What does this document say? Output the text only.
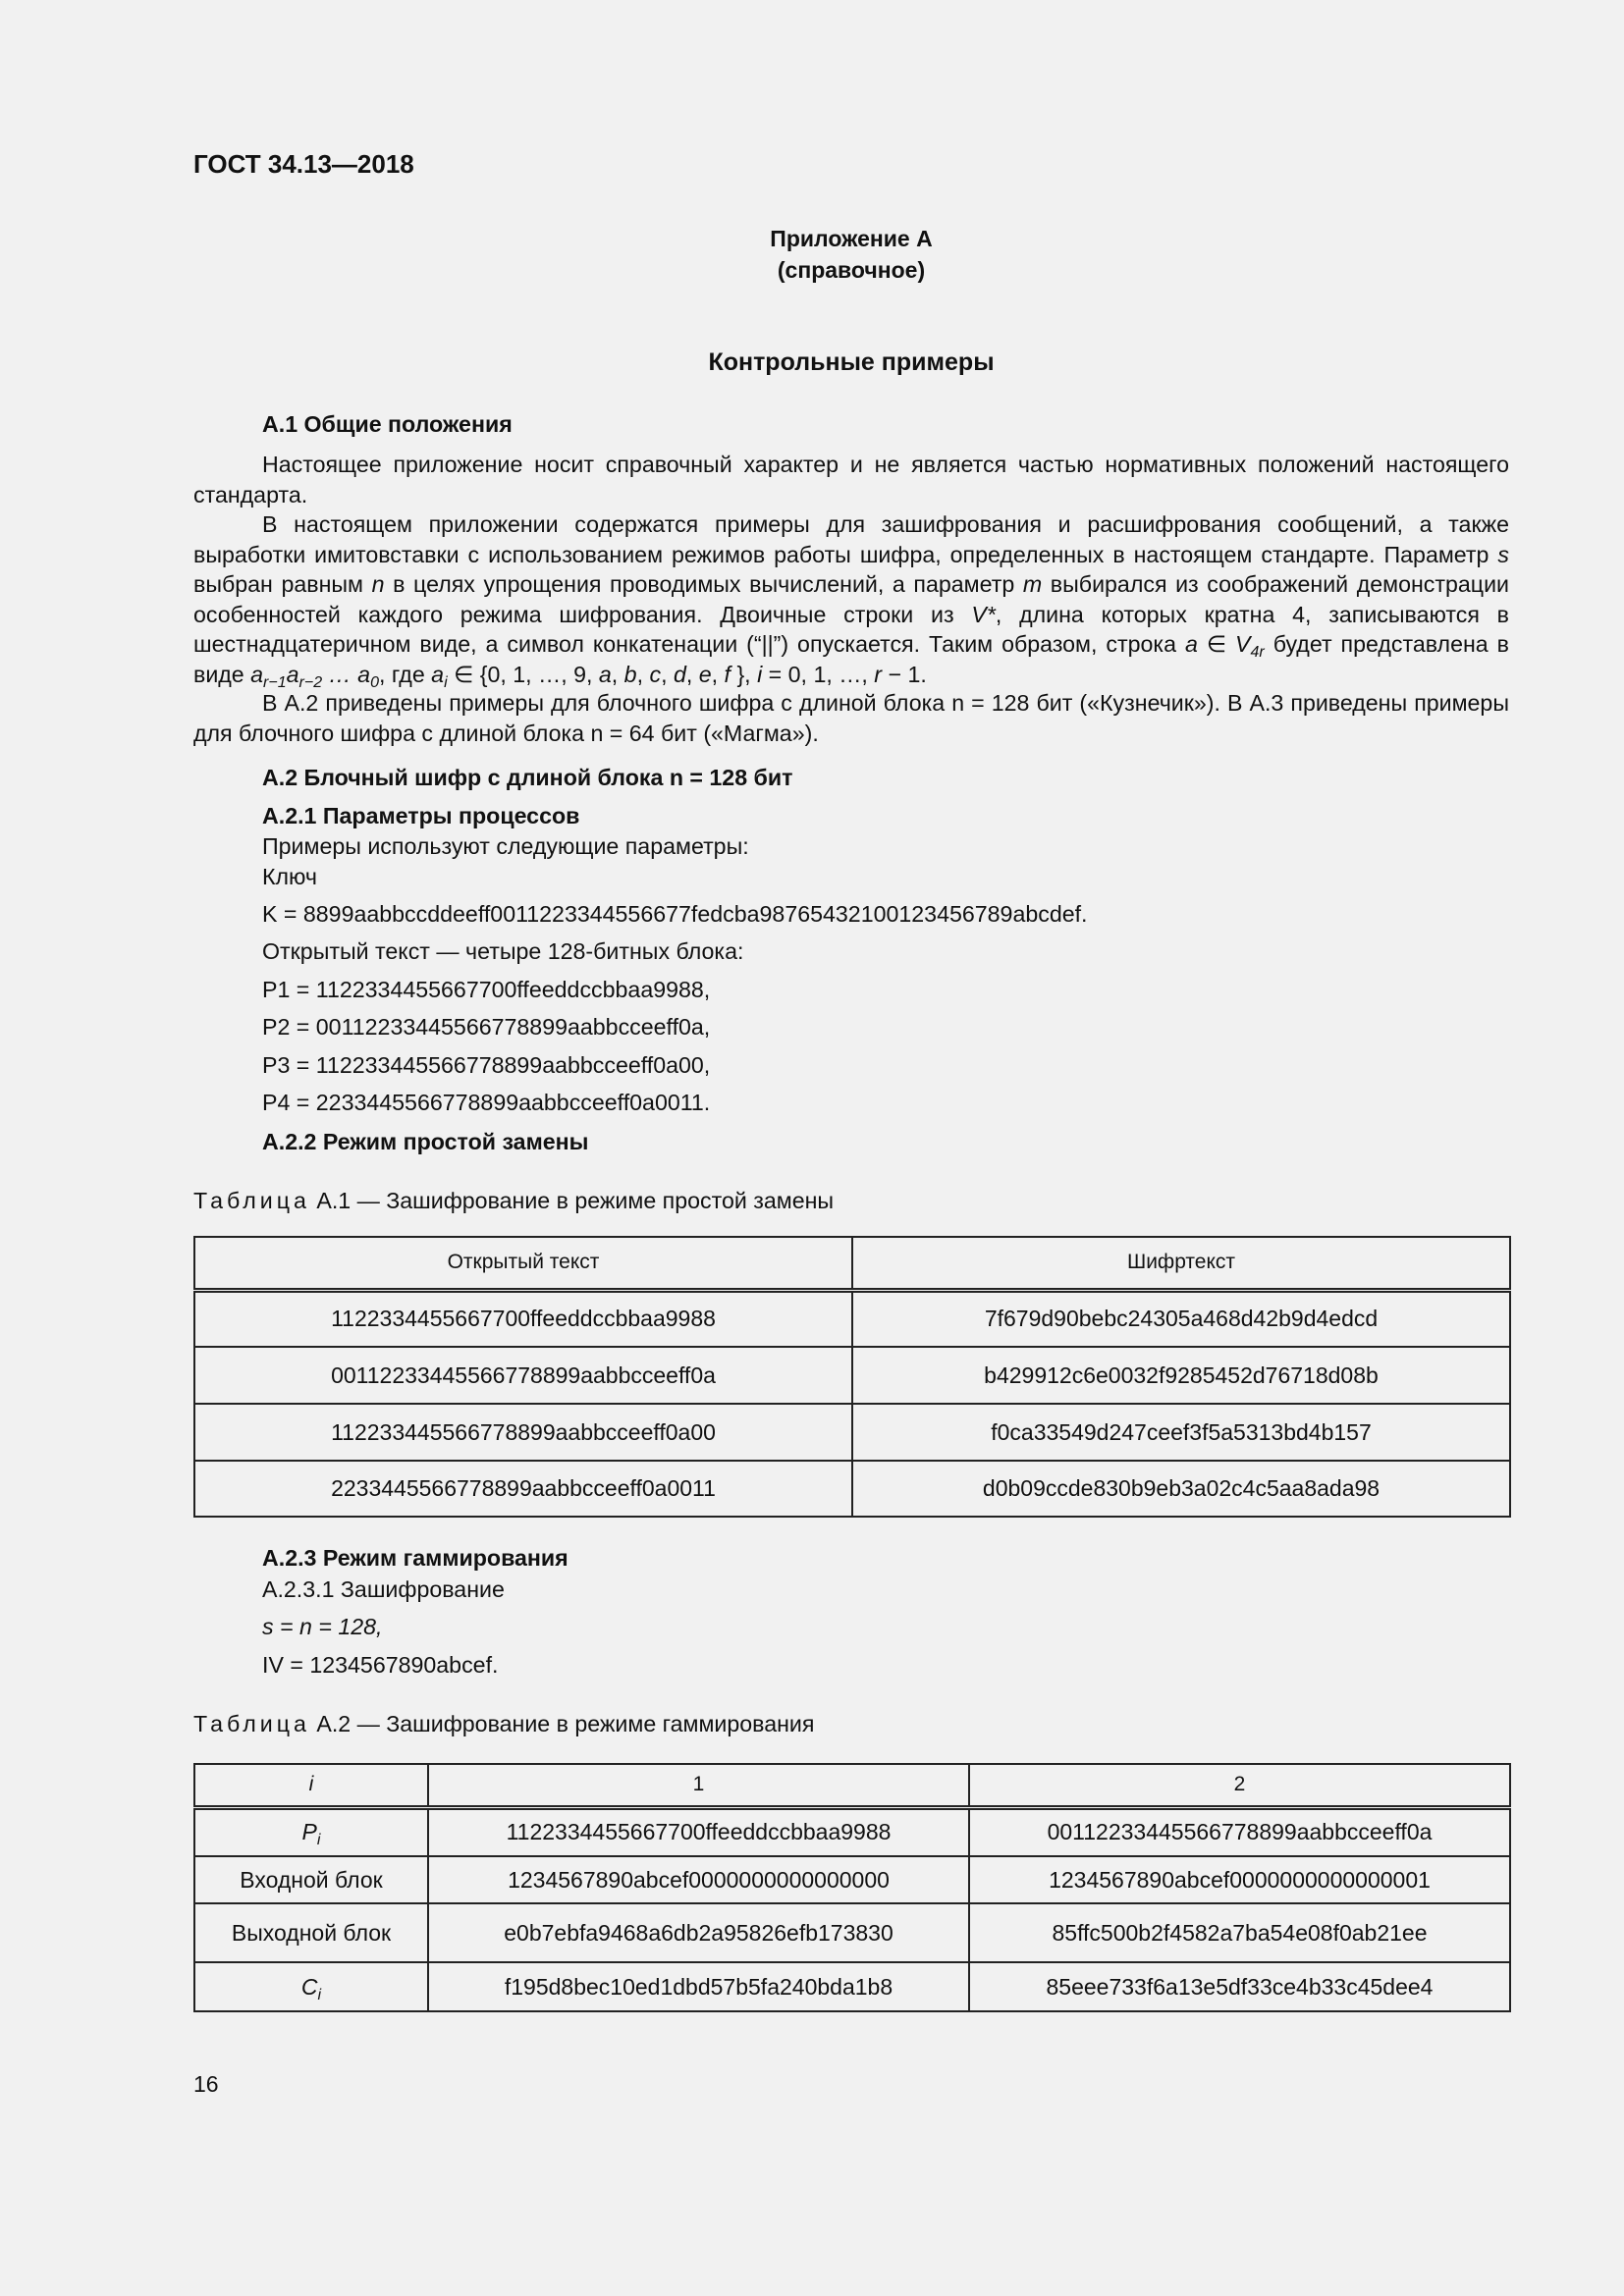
ГОСТ 34.13—2018
Приложение А
(справочное)
Контрольные примеры
А.1 Общие положения
Настоящее приложение носит справочный характер и не является частью нормативных положений настоящего стандарта.
В настоящем приложении содержатся примеры для зашифрования и расшифрования сообщений, а также выработки имитовставки с использованием режимов работы шифра, определенных в настоящем стандарте. Параметр s выбран равным n в целях упрощения проводимых вычислений, а параметр m выбирался из соображений демонстрации особенностей каждого режима шифрования. Двоичные строки из V*, длина которых кратна 4, записываются в шестнадцатеричном виде, а символ конкатенации (“||”) опускается. Таким образом, строка a ∈ $V_{4r}$ будет представлена в виде $a_{r-1}a_{r-2}$ … $a_0$, где $a_i$ ∈ {0, 1, …, 9, a, b, c, d, e, f }, i = 0, 1, …, r − 1.
В А.2 приведены примеры для блочного шифра с длиной блока n = 128 бит («Кузнечик»). В А.3 приведены примеры для блочного шифра с длиной блока n = 64 бит («Магма»).
А.2 Блочный шифр с длиной блока n = 128 бит
А.2.1 Параметры процессов
Примеры используют следующие параметры:
Ключ
K = 8899aabbccddeeff0011223344556677fedcba98765432100123456789abcdef.
Открытый текст — четыре 128-битных блока:
P1 = 1122334455667700ffeeddccbbaa9988,
P2 = 00112233445566778899aabbcceeff0a,
P3 = 112233445566778899aabbcceeff0a00,
P4 = 2233445566778899aabbcceeff0a0011.
А.2.2 Режим простой замены
Таблица А.1 — Зашифрование в режиме простой замены
Открытый текст	Шифртекст
1122334455667700ffeeddccbbaa9988	7f679d90bebc24305a468d42b9d4edcd
00112233445566778899aabbcceeff0a	b429912c6e0032f9285452d76718d08b
112233445566778899aabbcceeff0a00	f0ca33549d247ceef3f5a5313bd4b157
2233445566778899aabbcceeff0a0011	d0b09ccde830b9eb3a02c4c5aa8ada98
А.2.3 Режим гаммирования
А.2.3.1 Зашифрование
s = n = 128,
IV = 1234567890abcef.
Таблица А.2 — Зашифрование в режиме гаммирования
i	1	2
$P_i$	1122334455667700ffeeddccbbaa9988	00112233445566778899aabbcceeff0a
Входной блок	1234567890abcef0000000000000000	1234567890abcef0000000000000001
Выходной блок	e0b7ebfa9468a6db2a95826efb173830	85ffc500b2f4582a7ba54e08f0ab21ee
$C_i$	f195d8bec10ed1dbd57b5fa240bda1b8	85eee733f6a13e5df33ce4b33c45dee4
16
